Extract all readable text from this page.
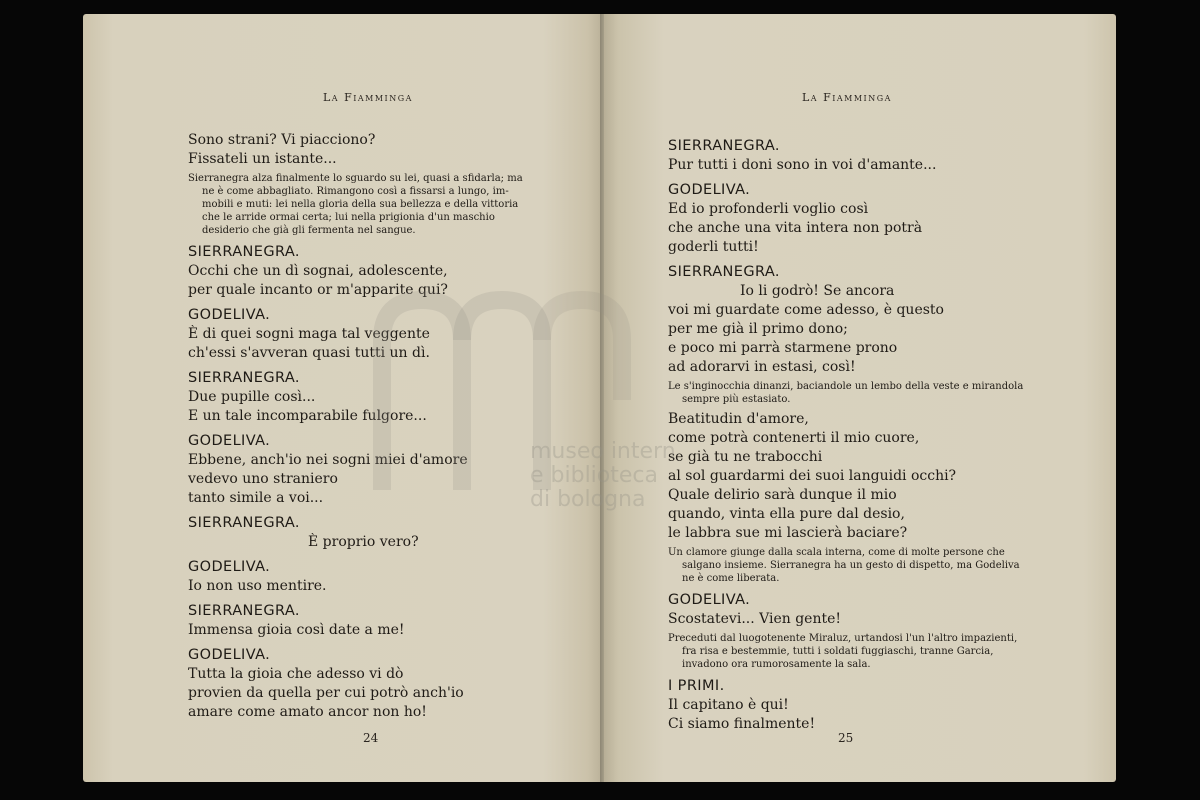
La Fiamminga
Sono strani? Vi piacciono?
Fissateli un istante...
Sierranegra alza finalmente lo sguardo su lei, quasi a sfidarla; ma
ne è come abbagliato. Rimangono così a fissarsi a lungo, im-
mobili e muti: lei nella gloria della sua bellezza e della vittoria
che le arride ormai certa; lui nella prigionia d'un maschio
desiderio che già gli fermenta nel sangue.
SIERRANEGRA.
Occhi che un dì sognai, adolescente,
per quale incanto or m'apparite qui?
GODELIVA.
È di quei sogni maga tal veggente
ch'essi s'avveran quasi tutti un dì.
SIERRANEGRA.
Due pupille così...
E un tale incomparabile fulgore...
GODELIVA.
Ebbene, anch'io nei sogni miei d'amore
vedevo uno straniero
tanto simile a voi...
SIERRANEGRA.
È proprio vero?
GODELIVA.
Io non uso mentire.
SIERRANEGRA.
Immensa gioia così date a me!
GODELIVA.
Tutta la gioia che adesso vi dò
provien da quella per cui potrò anch'io
amare come amato ancor non ho!
24
La Fiamminga
SIERRANEGRA.
Pur tutti i doni sono in voi d'amante...
GODELIVA.
Ed io profonderli voglio così
che anche una vita intera non potrà
goderli tutti!
SIERRANEGRA.
Io li godrò! Se ancora
voi mi guardate come adesso, è questo
per me già il primo dono;
e poco mi parrà starmene prono
ad adorarvi in estasi, così!
Le s'inginocchia dinanzi, baciandole un lembo della veste e mirandola
sempre più estasiato.
Beatitudin d'amore,
come potrà contenerti il mio cuore,
se già tu ne trabocchi
al sol guardarmi dei suoi languidi occhi?
Quale delirio sarà dunque il mio
quando, vinta ella pure dal desio,
le labbra sue mi lascierà baciare?
Un clamore giunge dalla scala interna, come di molte persone che
salgano insieme. Sierranegra ha un gesto di dispetto, ma Godeliva
ne è come liberata.
GODELIVA.
Scostatevi... Vien gente!
Preceduti dal luogotenente Miraluz, urtandosi l'un l'altro impazienti,
fra risa e bestemmie, tutti i soldati fuggiaschi, tranne Garcia,
invadono ora rumorosamente la sala.
I PRIMI.
Il capitano è qui!
Ci siamo finalmente!
25
museo intern
e biblioteca
di bologna
